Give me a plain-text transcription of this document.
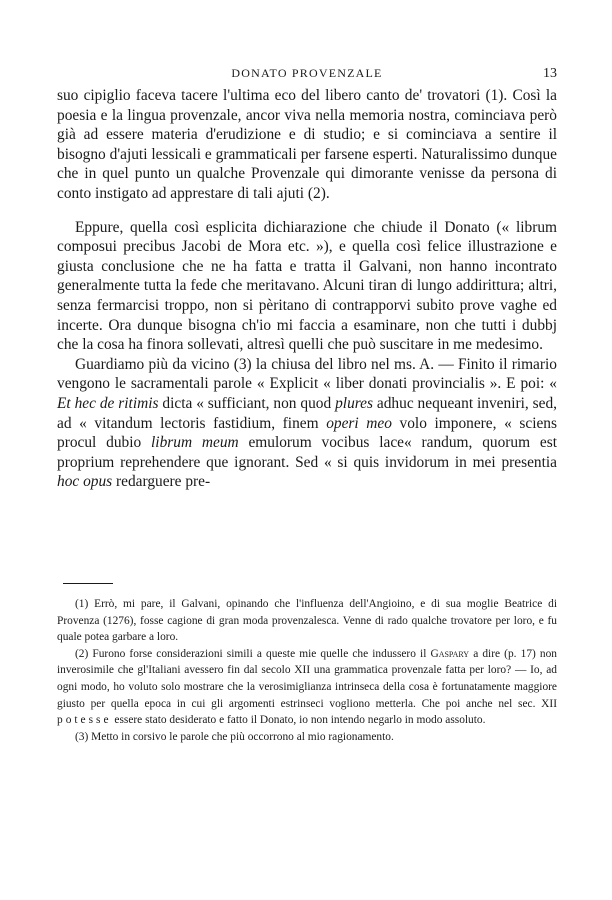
DONATO PROVENZALE	13

suo cipiglio faceva tacere l'ultima eco del libero canto de' trovatori (1). Così la poesia e la lingua provenzale, ancor viva nella memoria nostra, cominciava però già ad essere materia d'erudizione e di studio; e si cominciava a sentire il bisogno d'ajuti lessicali e grammaticali per farsene esperti. Naturalissimo dunque che in quel punto un qualche Provenzale qui dimorante venisse da persona di conto instigato ad apprestare di tali ajuti (2).

Eppure, quella così esplicita dichiarazione che chiude il Donato (« librum composui precibus Jacobi de Mora etc. »), e quella così felice illustrazione e giusta conclusione che ne ha fatta e tratta il Galvani, non hanno incontrato generalmente tutta la fede che meritavano. Alcuni tiran di lungo addirittura; altri, senza fermarcisi troppo, non si pèritano di contrapporvi subito prove vaghe ed incerte. Ora dunque bisogna ch'io mi faccia a esaminare, non che tutti i dubbj che la cosa ha finora sollevati, altresì quelli che può suscitare in me medesimo.

Guardiamo più da vicino (3) la chiusa del libro nel ms. A. — Finito il rimario vengono le sacramentali parole « Explicit « liber donati provincialis ». E poi: « Et hec de ritimis dicta « sufficiant, non quod plures adhuc nequeant inveniri, sed, ad « vitandum lectoris fastidium, finem operi meo volo imponere, « sciens procul dubio librum meum emulorum vocibus lace« randum, quorum est proprium reprehendere que ignorant. Sed « si quis invidorum in mei presentia hoc opus redarguere pre-

(1) Errò, mi pare, il Galvani, opinando che l'influenza dell'Angioino, e di sua moglie Beatrice di Provenza (1276), fosse cagione di gran moda provenzalesca. Venne di rado qualche trovatore per loro, e fu quale potea garbare a loro.

(2) Furono forse considerazioni simili a queste mie quelle che indussero il Gaspary a dire (p. 17) non inverosimile che gl'Italiani avessero fin dal secolo XII una grammatica provenzale fatta per loro? — Io, ad ogni modo, ho voluto solo mostrare che la verosimiglianza intrinseca della cosa è fortunatamente maggiore giusto per quella epoca in cui gli argomenti estrinseci vogliono metterla. Che poi anche nel sec. XII potesse essere stato desiderato e fatto il Donato, io non intendo negarlo in modo assoluto.

(3) Metto in corsivo le parole che più occorrono al mio ragionamento.
